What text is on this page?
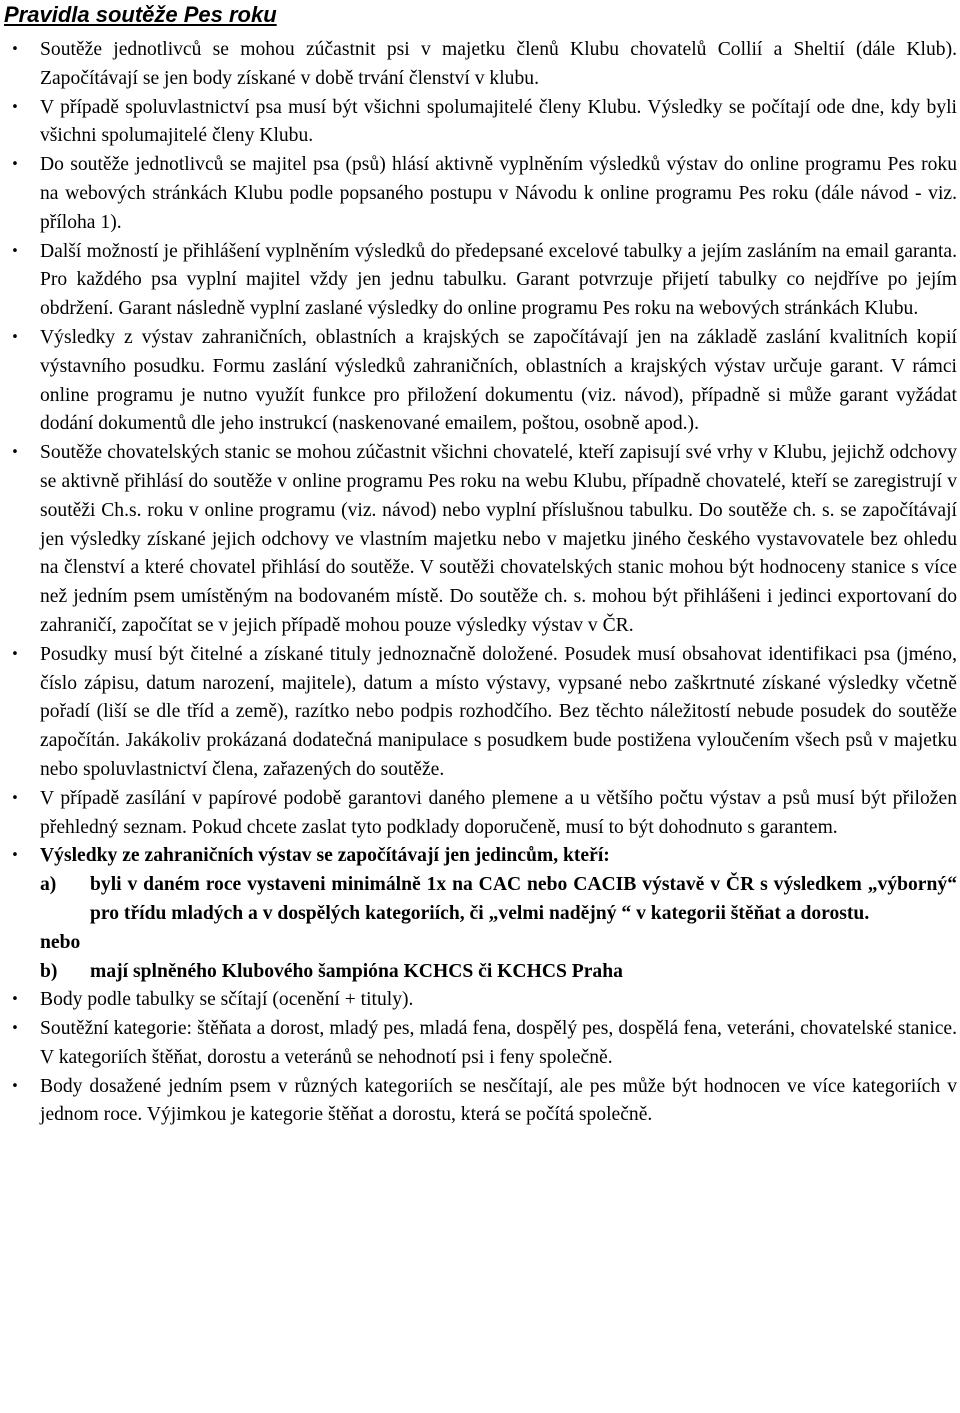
Pravidla soutěže Pes roku
• Soutěže jednotlivců se mohou zúčastnit psi v majetku členů Klubu chovatelů Collií a Sheltií (dále Klub). Započítávají se jen body získané v době trvání členství v klubu.
• V případě spoluvlastnictví psa musí být všichni spolumajitelé členy Klubu. Výsledky se počítají ode dne, kdy byli všichni spolumajitelé členy Klubu.
• Do soutěže jednotlivců se majitel psa (psů) hlásí aktivně vyplněním výsledků výstav do online programu Pes roku na webových stránkách Klubu podle popsaného postupu v Návodu k online programu Pes roku (dále návod - viz. příloha 1).
• Další možností je přihlášení vyplněním výsledků do předepsané excelové tabulky a jejím zasláním na email garanta. Pro každého psa vyplní majitel vždy jen jednu tabulku. Garant potvrzuje přijetí tabulky co nejdříve po jejím obdržení. Garant následně vyplní zaslané výsledky do online programu Pes roku na webových stránkách Klubu.
• Výsledky z výstav zahraničních, oblastních a krajských se započítávají jen na základě zaslání kvalitních kopií výstavního posudku. Formu zaslání výsledků zahraničních, oblastních a krajských výstav určuje garant. V rámci online programu je nutno využít funkce pro přiložení dokumentu (viz. návod), případně si může garant vyžádat dodání dokumentů dle jeho instrukcí (naskenované emailem, poštou, osobně apod.).
• Soutěže chovatelských stanic se mohou zúčastnit všichni chovatelé, kteří zapisují své vrhy v Klubu, jejichž odchovy se aktivně přihlásí do soutěže v online programu Pes roku na webu Klubu, případně chovatelé, kteří se zaregistrují v soutěži Ch.s. roku v online programu (viz. návod) nebo vyplní příslušnou tabulku. Do soutěže ch. s. se započítávají jen výsledky získané jejich odchovy ve vlastním majetku nebo v majetku jiného českého vystavovatele bez ohledu na členství a které chovatel přihlásí do soutěže. V soutěži chovatelských stanic mohou být hodnoceny stanice s více než jedním psem umístěným na bodovaném místě. Do soutěže ch. s. mohou být přihlášeni i jedinci exportovaní do zahraničí, započítat se v jejich případě mohou pouze výsledky výstav v ČR.
• Posudky musí být čitelné a získané tituly jednoznačně doložené. Posudek musí obsahovat identifikaci psa (jméno, číslo zápisu, datum narození, majitele), datum a místo výstavy, vypsané nebo zaškrtnuté získané výsledky včetně pořadí (liší se dle tříd a země), razítko nebo podpis rozhodčího. Bez těchto náležitostí nebude posudek do soutěže započítán. Jakákoliv prokázaná dodatečná manipulace s posudkem bude postižena vyloučením všech psů v majetku nebo spoluvlastnictví člena, zařazených do soutěže.
• V případě zasílání v papírové podobě garantovi daného plemene a u většího počtu výstav a psů musí být přiložen přehledný seznam. Pokud chcete zaslat tyto podklady doporučeně, musí to být dohodnuto s garantem.
• Výsledky ze zahraničních výstav se započítávají jen jedincům, kteří:
a)	byli v daném roce vystaveni minimálně 1x na CAC nebo CACIB výstavě v ČR s výsledkem „výborný“ pro třídu mladých a v dospělých kategoriích, či „velmi nadějný “ v kategorii štěňat a dorostu.
nebo
b)	mají splněného Klubového šampióna KCHCS či KCHCS Praha
• Body podle tabulky se sčítají (ocenění + tituly).
• Soutěžní kategorie: štěňata a dorost, mladý pes, mladá fena, dospělý pes, dospělá fena, veteráni, chovatelské stanice. V kategoriích štěňat, dorostu a veteránů se nehodnotí psi i feny společně.
• Body dosažené jedním psem v různých kategoriích se nesčítají, ale pes může být hodnocen ve více kategoriích v jednom roce. Výjimkou je kategorie štěňat a dorostu, která se počítá společně.
